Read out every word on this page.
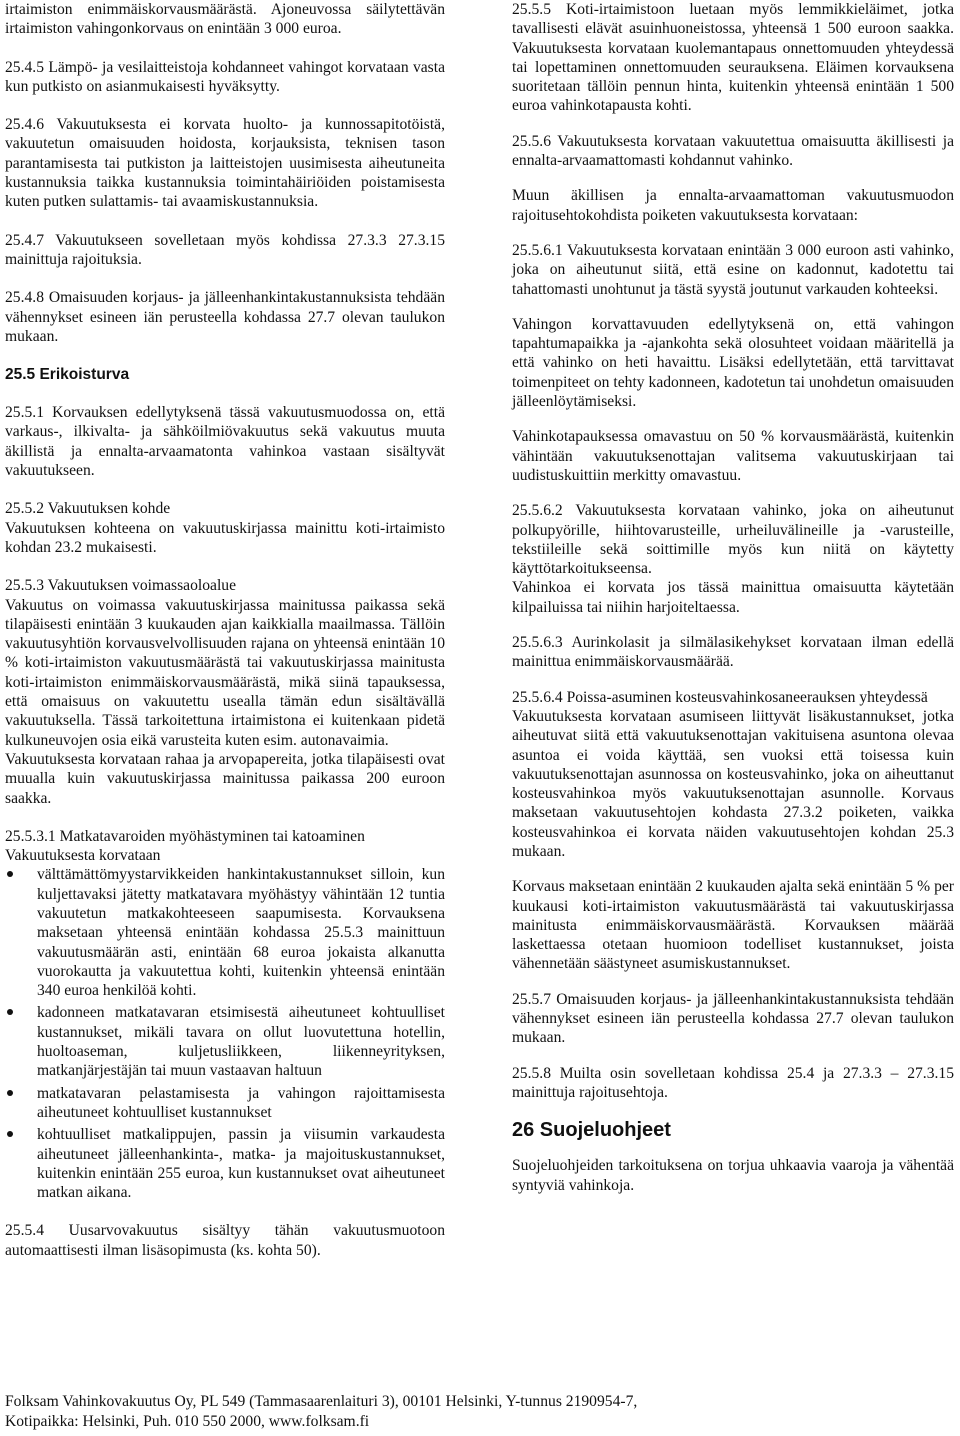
irtaimiston enimmäiskorvausmäärästä. Ajoneuvossa säilytettävän irtaimiston vahingonkorvaus on enintään 3 000 euroa.

25.4.5 Lämpö- ja vesilaitteistoja kohdanneet vahingot korvataan vasta kun putkisto on asianmukaisesti hyväksytty.

25.4.6 Vakuutuksesta ei korvata huolto- ja kunnossapitotöistä, vakuutetun omaisuuden hoidosta, korjauksista, teknisen tason parantamisesta tai putkiston ja laitteistojen uusimisesta aiheutuneita kustannuksia taikka kustannuksia toimintahäiriöiden poistamisesta kuten putken sulattamis- tai avaamiskustannuksia.

25.4.7 Vakuutukseen sovelletaan myös kohdissa 27.3.3 27.3.15 mainittuja rajoituksia.

25.4.8 Omaisuuden korjaus- ja jälleenhankintakustannuksista tehdään vähennykset esineen iän perusteella kohdassa 27.7 olevan taulukon mukaan.

25.5 Erikoisturva

25.5.1 Korvauksen edellytyksenä tässä vakuutusmuodossa on, että varkaus-, ilkivalta- ja sähköilmiövakuutus sekä vakuutus muuta äkillistä ja ennalta-arvaamatonta vahinkoa vastaan sisältyvät vakuutukseen.

25.5.2 Vakuutuksen kohde

Vakuutuksen kohteena on vakuutuskirjassa mainittu koti-irtaimisto kohdan 23.2 mukaisesti.

25.5.3 Vakuutuksen voimassaoloalue

Vakuutus on voimassa vakuutuskirjassa mainitussa paikassa sekä tilapäisesti enintään 3 kuukauden ajan kaikkialla maailmassa. Tällöin vakuutusyhtiön korvausvelvollisuuden rajana on yhteensä enintään 10 % koti-irtaimiston vakuutusmäärästä tai vakuutuskirjassa mainitusta koti-irtaimiston enimmäiskorvausmäärästä, mikä siinä tapauksessa, että omaisuus on vakuutettu usealla tämän edun sisältävällä vakuutuksella. Tässä tarkoitettuna irtaimistona ei kuitenkaan pidetä kulkuneuvojen osia eikä varusteita kuten esim. autonavaimia.

Vakuutuksesta korvataan rahaa ja arvopapereita, jotka tilapäisesti ovat muualla kuin vakuutuskirjassa mainitussa paikassa 200 euroon saakka.

25.5.3.1 Matkatavaroiden myöhästyminen tai katoaminen

Vakuutuksesta korvataan

välttämättömyystarvikkeiden hankintakustannukset silloin, kun kuljettavaksi jätetty matkatavara myöhästyy vähintään 12 tuntia vakuutetun matkakohteeseen saapumisesta. Korvauksena maksetaan yhteensä enintään kohdassa 25.5.3 mainittuun vakuutusmäärän asti, enintään 68 euroa jokaista alkanutta vuorokautta ja vakuutettua kohti, kuitenkin yhteensä enintään 340 euroa henkilöä kohti.
kadonneen matkatavaran etsimisestä aiheutuneet kohtuulliset kustannukset, mikäli tavara on ollut luovutettuna hotellin, huoltoaseman, kuljetusliikkeen, liikenneyrityksen, matkanjärjestäjän tai muun vastaavan haltuun
matkatavaran pelastamisesta ja vahingon rajoittamisesta aiheutuneet kohtuulliset kustannukset
kohtuulliset matkalippujen, passin ja viisumin varkaudesta aiheutuneet jälleenhankinta-, matka- ja majoituskustannukset, kuitenkin enintään 255 euroa, kun kustannukset ovat aiheutuneet matkan aikana.

25.5.4 Uusarvovakuutus sisältyy tähän vakuutusmuotoon automaattisesti ilman lisäsopimusta (ks. kohta 50).

25.5.5 Koti-irtaimistoon luetaan myös lemmikkieläimet, jotka tavallisesti elävät asuinhuoneistossa, yhteensä 1 500 euroon saakka. Vakuutuksesta korvataan kuolemantapaus onnettomuuden yhteydessä tai lopettaminen onnettomuuden seurauksena. Eläimen korvauksena suoritetaan tällöin pennun hinta, kuitenkin yhteensä enintään 1 500 euroa vahinkotapausta kohti.

25.5.6 Vakuutuksesta korvataan vakuutettua omaisuutta äkillisesti ja ennalta-arvaamattomasti kohdannut vahinko.

Muun äkillisen ja ennalta-arvaamattoman vakuutusmuodon rajoitusehtokohdista poiketen vakuutuksesta korvataan:

25.5.6.1 Vakuutuksesta korvataan enintään 3 000 euroon asti vahinko, joka on aiheutunut siitä, että esine on kadonnut, kadotettu tai tahattomasti unohtunut ja tästä syystä joutunut varkauden kohteeksi.

Vahingon korvattavuuden edellytyksenä on, että vahingon tapahtumapaikka ja -ajankohta sekä olosuhteet voidaan määritellä ja että vahinko on heti havaittu. Lisäksi edellytetään, että tarvittavat toimenpiteet on tehty kadonneen, kadotetun tai unohdetun omaisuuden jälleenlöytämiseksi.

Vahinkotapauksessa omavastuu on 50 % korvausmäärästä, kuitenkin vähintään vakuutuksenottajan valitsema vakuutuskirjaan tai uudistuskuittiin merkitty omavastuu.

25.5.6.2 Vakuutuksesta korvataan vahinko, joka on aiheutunut polkupyörille, hiihtovarusteille, urheiluvälineille ja -varusteille, tekstiileille sekä soittimille myös kun niitä on käytetty käyttötarkoitukseensa.

Vahinkoa ei korvata jos tässä mainittua omaisuutta käytetään kilpailuissa tai niihin harjoiteltaessa.

25.5.6.3 Aurinkolasit ja silmälasikehykset korvataan ilman edellä mainittua enimmäiskorvausmäärää.

25.5.6.4 Poissa-asuminen kosteusvahinkosaneerauksen yhteydessä

Vakuutuksesta korvataan asumiseen liittyvät lisäkustannukset, jotka aiheutuvat siitä että vakuutuksenottajan vakituisena asuntona olevaa asuntoa ei voida käyttää, sen vuoksi että toisessa kuin vakuutuksenottajan asunnossa on kosteusvahinko, joka on aiheuttanut kosteusvahinkoa myös vakuutuksenottajan asunnolle. Korvaus maksetaan vakuutusehtojen kohdasta 27.3.2 poiketen, vaikka kosteusvahinkoa ei korvata näiden vakuutusehtojen kohdan 25.3 mukaan.

Korvaus maksetaan enintään 2 kuukauden ajalta sekä enintään 5 % per kuukausi koti-irtaimiston vakuutusmäärästä tai vakuutuskirjassa mainitusta enimmäiskorvausmäärästä. Korvauksen määrää laskettaessa otetaan huomioon todelliset kustannukset, joista vähennetään säästyneet asumiskustannukset.

25.5.7 Omaisuuden korjaus- ja jälleenhankintakustannuksista tehdään vähennykset esineen iän perusteella kohdassa 27.7 olevan taulukon mukaan.

25.5.8 Muilta osin sovelletaan kohdissa 25.4 ja 27.3.3 – 27.3.15 mainittuja rajoitusehtoja.

26 Suojeluohjeet

Suojeluohjeiden tarkoituksena on torjua uhkaavia vaaroja ja vähentää syntyviä vahinkoja.

Folksam Vahinkovakuutus Oy, PL 549 (Tammasaarenlaituri 3), 00101 Helsinki, Y-tunnus 2190954-7,
Kotipaikka: Helsinki, Puh. 010 550 2000, www.folksam.fi
